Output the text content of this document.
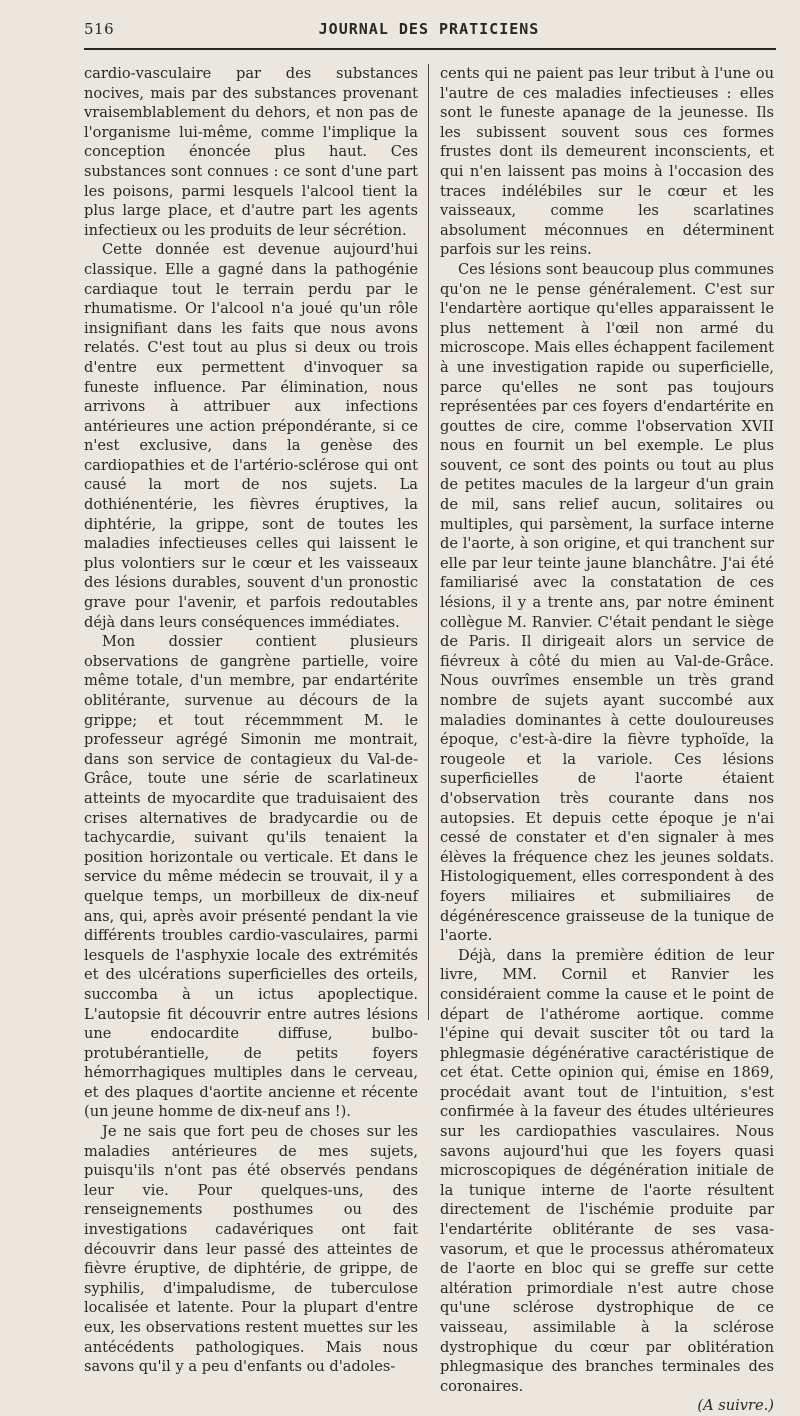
516	JOURNAL DES PRATICIENS

cardio-vasculaire par des substances nocives, mais par des substances provenant vraisemblablement du dehors, et non pas de l'organisme lui-même, comme l'implique la conception énoncée plus haut. Ces substances sont connues : ce sont d'une part les poisons, parmi lesquels l'alcool tient la plus large place, et d'autre part les agents infectieux ou les produits de leur sécrétion.

Cette donnée est devenue aujourd'hui classique. Elle a gagné dans la pathogénie cardiaque tout le terrain perdu par le rhumatisme. Or l'alcool n'a joué qu'un rôle insignifiant dans les faits que nous avons relatés. C'est tout au plus si deux ou trois d'entre eux permettent d'invoquer sa funeste influence. Par élimination, nous arrivons à attribuer aux infections antérieures une action prépondérante, si ce n'est exclusive, dans la genèse des cardiopathies et de l'artério-sclérose qui ont causé la mort de nos sujets. La dothiénentérie, les fièvres éruptives, la diphtérie, la grippe, sont de toutes les maladies infectieuses celles qui laissent le plus volontiers sur le cœur et les vaisseaux des lésions durables, souvent d'un pronostic grave pour l'avenir, et parfois redoutables déjà dans leurs conséquences immédiates.

Mon dossier contient plusieurs observations de gangrène partielle, voire même totale, d'un membre, par endartérite oblitérante, survenue au décours de la grippe; et tout récemmment M. le professeur agrégé Simonin me montrait, dans son service de contagieux du Val-de-Grâce, toute une série de scarlatineux atteints de myocardite que traduisaient des crises alternatives de bradycardie ou de tachycardie, suivant qu'ils tenaient la position horizontale ou verticale. Et dans le service du même médecin se trouvait, il y a quelque temps, un morbilleux de dix-neuf ans, qui, après avoir présenté pendant la vie différents troubles cardio-vasculaires, parmi lesquels de l'asphyxie locale des extrémités et des ulcérations superficielles des orteils, succomba à un ictus apoplectique. L'autopsie fit découvrir entre autres lésions une endocardite diffuse, bulbo-protubérantielle, de petits foyers hémorrhagiques multiples dans le cerveau, et des plaques d'aortite ancienne et récente (un jeune homme de dix-neuf ans !).

Je ne sais que fort peu de choses sur les maladies antérieures de mes sujets, puisqu'ils n'ont pas été observés pendans leur vie. Pour quelques-uns, des renseignements posthumes ou des investigations cadavériques ont fait découvrir dans leur passé des atteintes de fièvre éruptive, de diphtérie, de grippe, de syphilis, d'impaludisme, de tuberculose localisée et latente. Pour la plupart d'entre eux, les observations restent muettes sur les antécédents pathologiques. Mais nous savons qu'il y a peu d'enfants ou d'adoles-

cents qui ne paient pas leur tribut à l'une ou l'autre de ces maladies infectieuses : elles sont le funeste apanage de la jeunesse. Ils les subissent souvent sous ces formes frustes dont ils demeurent inconscients, et qui n'en laissent pas moins à l'occasion des traces indélébiles sur le cœur et les vaisseaux, comme les scarlatines absolument méconnues en déterminent parfois sur les reins.

Ces lésions sont beaucoup plus communes qu'on ne le pense généralement. C'est sur l'endartère aortique qu'elles apparaissent le plus nettement à l'œil non armé du microscope. Mais elles échappent facilement à une investigation rapide ou superficielle, parce qu'elles ne sont pas toujours représentées par ces foyers d'endartérite en gouttes de cire, comme l'observation XVII nous en fournit un bel exemple. Le plus souvent, ce sont des points ou tout au plus de petites macules de la largeur d'un grain de mil, sans relief aucun, solitaires ou multiples, qui parsèment, la surface interne de l'aorte, à son origine, et qui tranchent sur elle par leur teinte jaune blanchâtre. J'ai été familiarisé avec la constatation de ces lésions, il y a trente ans, par notre éminent collègue M. Ranvier. C'était pendant le siège de Paris. Il dirigeait alors un service de fiévreux à côté du mien au Val-de-Grâce. Nous ouvrîmes ensemble un très grand nombre de sujets ayant succombé aux maladies dominantes à cette douloureuses époque, c'est-à-dire la fièvre typhoïde, la rougeole et la variole. Ces lésions superficielles de l'aorte étaient d'observation très courante dans nos autopsies. Et depuis cette époque je n'ai cessé de constater et d'en signaler à mes élèves la fréquence chez les jeunes soldats. Histologiquement, elles correspondent à des foyers miliaires et submiliaires de dégénérescence graisseuse de la tunique de l'aorte.

Déjà, dans la première édition de leur livre, MM. Cornil et Ranvier les considéraient comme la cause et le point de départ de l'athérome aortique. comme l'épine qui devait susciter tôt ou tard la phlegmasie dégénérative caractéristique de cet état. Cette opinion qui, émise en 1869, procédait avant tout de l'intuition, s'est confirmée à la faveur des études ultérieures sur les cardiopathies vasculaires. Nous savons aujourd'hui que les foyers quasi microscopiques de dégénération initiale de la tunique interne de l'aorte résultent directement de l'ischémie produite par l'endartérite oblitérante de ses vasa-vasorum, et que le processus athéromateux de l'aorte en bloc qui se greffe sur cette altération primordiale n'est autre chose qu'une sclérose dystrophique de ce vaisseau, assimilable à la sclérose dystrophique du cœur par oblitération phlegmasique des branches terminales des coronaires.

(A suivre.)
